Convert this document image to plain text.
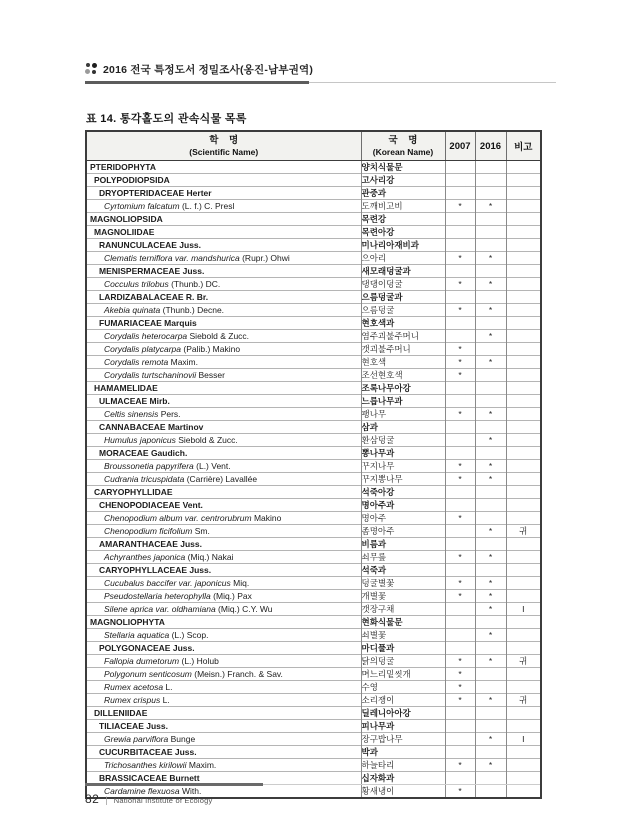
2016 전국 특정도서 정밀조사(옹진-남부권역)
표 14. 통각홀도의 관속식물 목록
학    명
(Scientific Name)

국    명
(Korean Name)	2007	2016	비고
PTERIDOPHYTA	양치식물문			
POLYPODIOPSIDA	고사리강			
DRYOPTERIDACEAE Herter	관중과			
Cyrtomium falcatum (L. f.) C. Presl	도깨비고비	*	*	
MAGNOLIOPSIDA	목련강			
MAGNOLIIDAE	목련아강			
RANUNCULACEAE Juss.	미나리아재비과			
Clematis terniflora var. mandshurica (Rupr.) Ohwi	으아리	*	*	
MENISPERMACEAE Juss.	새모래덩굴과			
Cocculus trilobus (Thunb.) DC.	댕댕이덩굴	*	*	
LARDIZABALACEAE R. Br.	으름덩굴과			
Akebia quinata (Thunb.) Decne.	으름덩굴	*	*	
FUMARIACEAE Marquis	현호색과			
Corydalis heterocarpa Siebold & Zucc.	염주괴불주머니		*	
Corydalis platycarpa (Palib.) Makino	갯괴불주머니	*		
Corydalis remota Maxim.	현호색	*	*	
Corydalis turtschaninovii Besser	조선현호색	*		
HAMAMELIDAE	조록나무아강			
ULMACEAE Mirb.	느릅나무과			
Celtis sinensis Pers.	팽나무	*	*	
CANNABACEAE Martinov	삼과			
Humulus japonicus Siebold & Zucc.	환삼덩굴		*	
MORACEAE Gaudich.	뽕나무과			
Broussonetia papyrifera (L.) Vent.	꾸지나무	*	*	
Cudrania tricuspidata (Carrière) Lavallée	꾸지뽕나무	*	*	
CARYOPHYLLIDAE	석죽아강			
CHENOPODIACEAE Vent.	명아주과			
Chenopodium album var. centrorubrum Makino	명아주	*		
Chenopodium ficifolium Sm.	좀명아주		*	귀
AMARANTHACEAE Juss.	비름과			
Achyranthes japonica (Miq.) Nakai	쇠무릎	*	*	
CARYOPHYLLACEAE Juss.	석죽과			
Cucubalus baccifer var. japonicus Miq.	덩굴별꽃	*	*	
Pseudostellaria heterophylla (Miq.) Pax	개별꽃	*	*	
Silene aprica var. oldhamiana (Miq.) C.Y. Wu	갯장구채		*	I
MAGNOLIOPHYTA	현화식물문			
Stellaria aquatica (L.) Scop.	쇠별꽃		*	
POLYGONACEAE Juss.	마디풀과			
Fallopia dumetorum (L.) Holub	닭의덩굴	*	*	귀
Polygonum senticosum (Meisn.) Franch. & Sav.	며느리밑씻개	*		
Rumex acetosa L.	수영	*		
Rumex crispus L.	소리쟁이	*	*	귀
DILLENIIDAE	딜레니아아강			
TILIACEAE Juss.	피나무과			
Grewia parviflora Bunge	장구밥나무		*	I
CUCURBITACEAE Juss.	박과			
Trichosanthes kirilowii Maxim.	하늘타리	*	*	
BRASSICACEAE Burnett	십자화과			
Cardamine flexuosa With.	황새냉이	*		
82 | National Institute of Ecology
